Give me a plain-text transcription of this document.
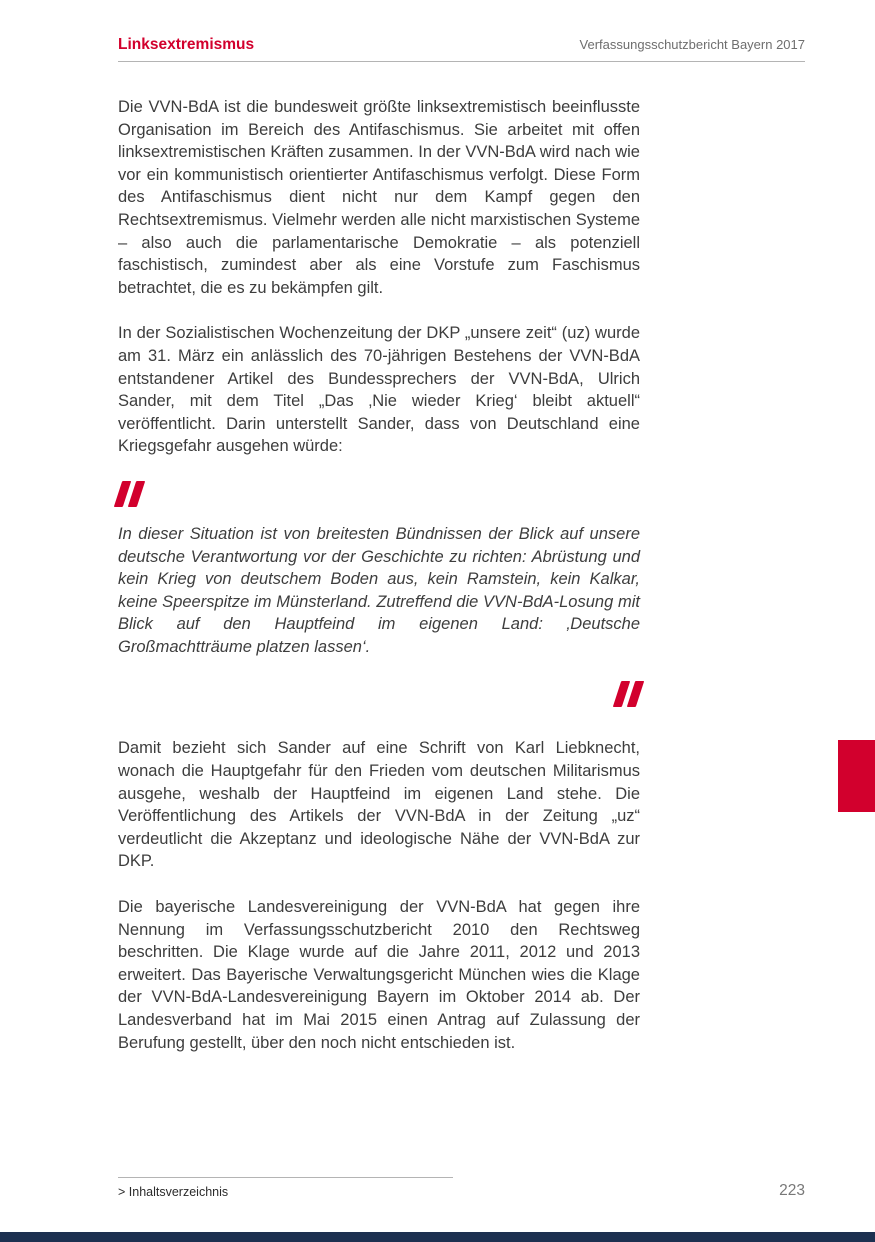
Linksextremismus	Verfassungsschutzbericht Bayern 2017

Die VVN-BdA ist die bundesweit größte linksextremistisch beeinflusste Organisation im Bereich des Antifaschismus. Sie arbeitet mit offen linksextremistischen Kräften zusammen. In der VVN-BdA wird nach wie vor ein kommunistisch orientierter Antifaschismus verfolgt. Diese Form des Antifaschismus dient nicht nur dem Kampf gegen den Rechtsextremismus. Vielmehr werden alle nicht marxistischen Systeme – also auch die parlamentarische Demokratie – als potenziell faschistisch, zumindest aber als eine Vorstufe zum Faschismus betrachtet, die es zu bekämpfen gilt.

In der Sozialistischen Wochenzeitung der DKP „unsere zeit“ (uz) wurde am 31. März ein anlässlich des 70-jährigen Bestehens der VVN-BdA entstandener Artikel des Bundessprechers der VVN-BdA, Ulrich Sander, mit dem Titel „Das ‚Nie wieder Krieg‘ bleibt aktuell“ veröffentlicht. Darin unterstellt Sander, dass von Deutschland eine Kriegsgefahr ausgehen würde:

In dieser Situation ist von breitesten Bündnissen der Blick auf unsere deutsche Verantwortung vor der Geschichte zu richten: Abrüstung und kein Krieg von deutschem Boden aus, kein Ramstein, kein Kalkar, keine Speerspitze im Münsterland. Zutreffend die VVN-BdA-Losung mit Blick auf den Hauptfeind im eigenen Land: ‚Deutsche Großmachtträume platzen lassen‘.

Damit bezieht sich Sander auf eine Schrift von Karl Liebknecht, wonach die Hauptgefahr für den Frieden vom deutschen Militarismus ausgehe, weshalb der Hauptfeind im eigenen Land stehe. Die Veröffentlichung des Artikels der VVN-BdA in der Zeitung „uz“ verdeutlicht die Akzeptanz und ideologische Nähe der VVN-BdA zur DKP.

Die bayerische Landesvereinigung der VVN-BdA hat gegen ihre Nennung im Verfassungsschutzbericht 2010 den Rechtsweg beschritten. Die Klage wurde auf die Jahre 2011, 2012 und 2013 erweitert. Das Bayerische Verwaltungsgericht München wies die Klage der VVN-BdA-Landesvereinigung Bayern im Oktober 2014 ab. Der Landesverband hat im Mai 2015 einen Antrag auf Zulassung der Berufung gestellt, über den noch nicht entschieden ist.

> Inhaltsverzeichnis	223
